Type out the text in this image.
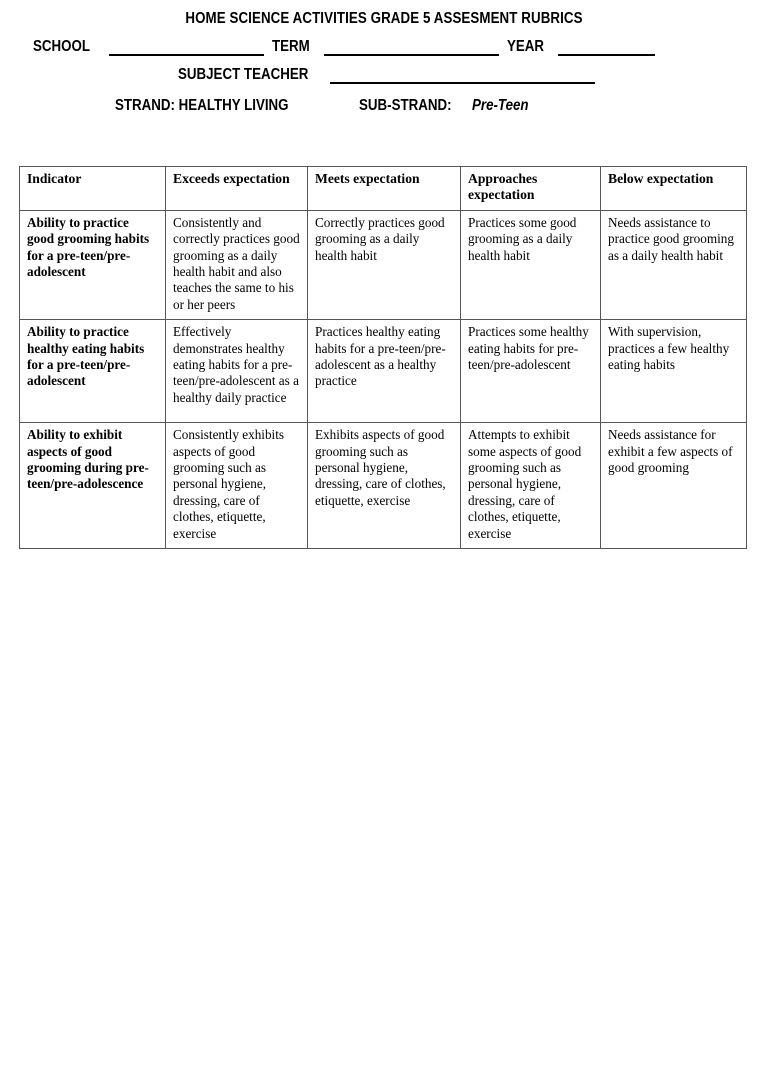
HOME SCIENCE ACTIVITIES GRADE 5 ASSESMENT RUBRICS
SCHOOL	TERM	YEAR
SUBJECT TEACHER
STRAND: HEALTHY LIVING	SUB-STRAND: Pre-Teen
Indicator	Exceeds expectation	Meets expectation	Approaches expectation	Below expectation
Ability to practice good grooming habits for a pre-teen/pre-adolescent	Consistently and correctly practices good grooming as a daily health habit and also teaches the same to his or her peers	Correctly practices good grooming as a daily health habit	Practices some good grooming as a daily health habit	Needs assistance to practice good grooming as a daily health habit
Ability to practice healthy eating habits for a pre-teen/pre-adolescent	Effectively demonstrates healthy eating habits for a pre-teen/pre-adolescent as a healthy daily practice	Practices healthy eating habits for a pre-teen/pre-adolescent as a healthy practice	Practices some healthy eating habits for pre-teen/pre-adolescent	With supervision, practices a few healthy eating habits
Ability to exhibit aspects of good grooming during pre-teen/pre-adolescence	Consistently exhibits aspects of good grooming such as personal hygiene, dressing, care of clothes, etiquette, exercise	Exhibits aspects of good grooming such as personal hygiene, dressing, care of clothes, etiquette, exercise	Attempts to exhibit some aspects of good grooming such as personal hygiene, dressing, care of clothes, etiquette, exercise	Needs assistance for exhibit a few aspects of good grooming
